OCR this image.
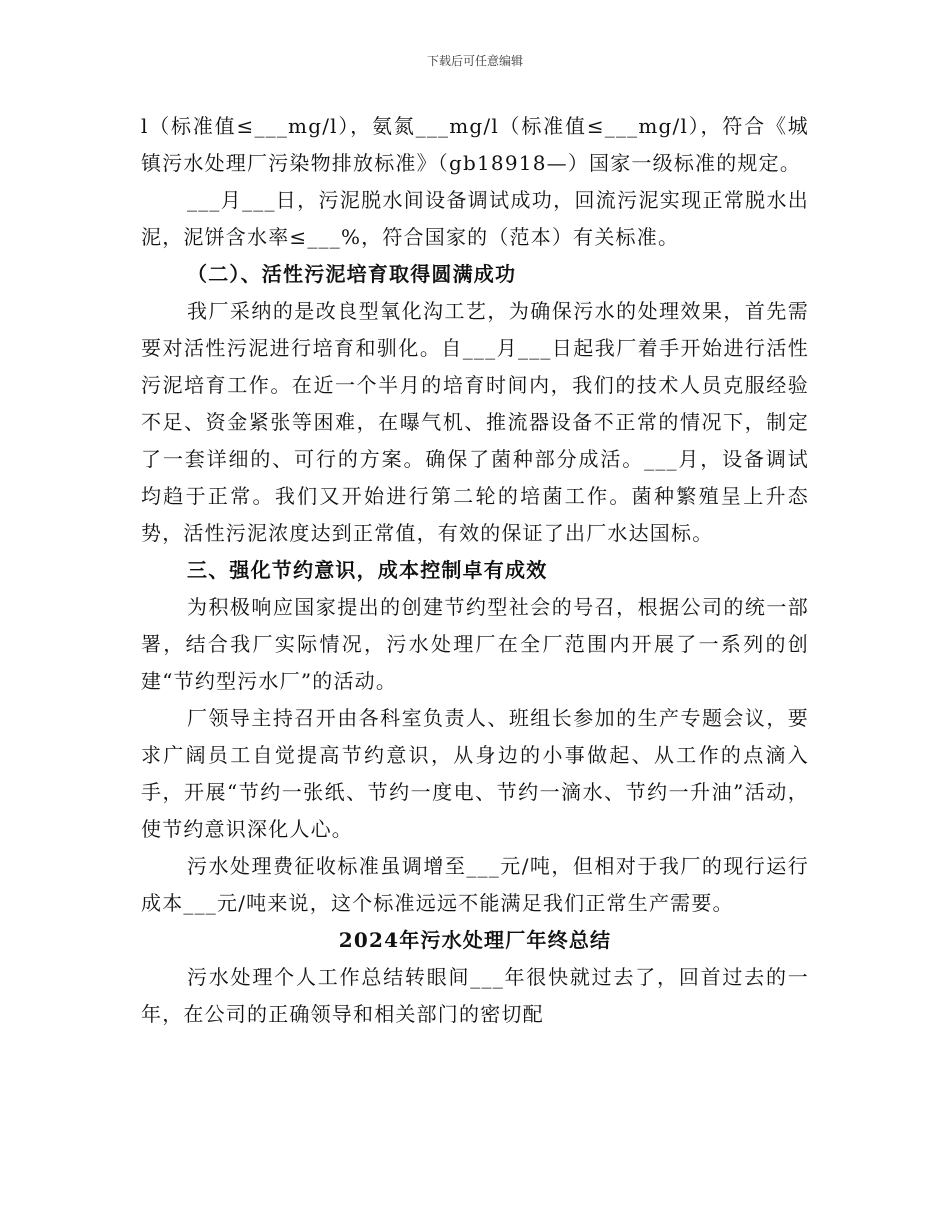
下载后可任意编辑

l（标准值≤___mg/l），氨氮___mg/l（标准值≤___mg/l），符合《城镇污水处理厂污染物排放标准》（gb18918—）国家一级标准的规定。

___月___日，污泥脱水间设备调试成功，回流污泥实现正常脱水出泥，泥饼含水率≤___%，符合国家的（范本）有关标准。

（二）、活性污泥培育取得圆满成功

我厂采纳的是改良型氧化沟工艺，为确保污水的处理效果，首先需要对活性污泥进行培育和驯化。自___月___日起我厂着手开始进行活性污泥培育工作。在近一个半月的培育时间内，我们的技术人员克服经验不足、资金紧张等困难，在曝气机、推流器设备不正常的情况下，制定了一套详细的、可行的方案。确保了菌种部分成活。___月，设备调试均趋于正常。我们又开始进行第二轮的培菌工作。菌种繁殖呈上升态势，活性污泥浓度达到正常值，有效的保证了出厂水达国标。

三、强化节约意识，成本控制卓有成效

为积极响应国家提出的创建节约型社会的号召，根据公司的统一部署，结合我厂实际情况，污水处理厂在全厂范围内开展了一系列的创建“节约型污水厂”的活动。

厂领导主持召开由各科室负责人、班组长参加的生产专题会议，要求广阔员工自觉提高节约意识，从身边的小事做起、从工作的点滴入手，开展“节约一张纸、节约一度电、节约一滴水、节约一升油”活动，使节约意识深化人心。

污水处理费征收标准虽调增至___元/吨，但相对于我厂的现行运行成本___元/吨来说，这个标准远远不能满足我们正常生产需要。

2024年污水处理厂年终总结

污水处理个人工作总结转眼间___年很快就过去了，回首过去的一年，在公司的正确领导和相关部门的密切配
